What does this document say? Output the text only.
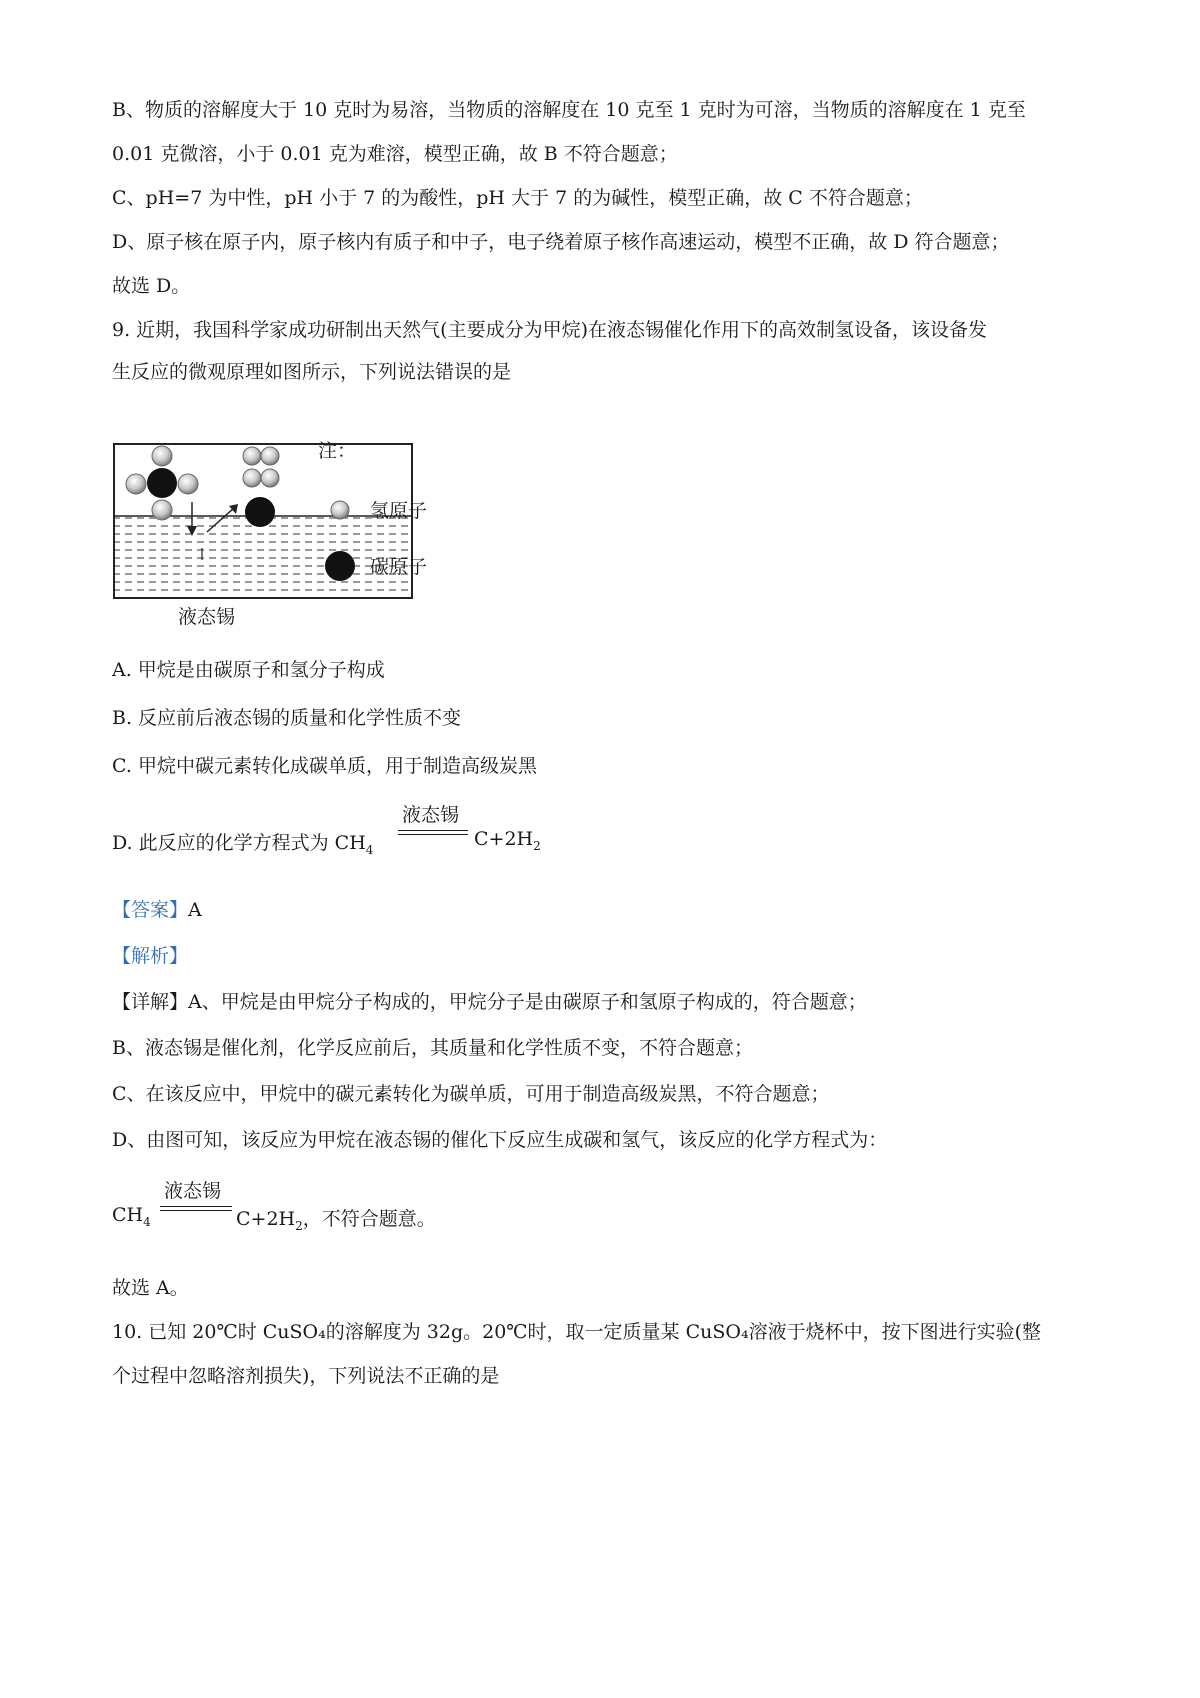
B、物质的溶解度大于 10 克时为易溶，当物质的溶解度在 10 克至 1 克时为可溶，当物质的溶解度在 1 克至
0.01 克微溶，小于 0.01 克为难溶，模型正确，故 B 不符合题意；
C、pH=7 为中性，pH 小于 7 的为酸性，pH 大于 7 的为碱性，模型正确，故 C 不符合题意；
D、原子核在原子内，原子核内有质子和中子，电子绕着原子核作高速运动，模型不正确，故 D 符合题意；
故选 D。
9. 近期，我国科学家成功研制出天然气(主要成分为甲烷)在液态锡催化作用下的高效制氢设备，该设备发
生反应的微观原理如图所示，下列说法错误的是
注：
氢原子
碳原子
液态锡
A. 甲烷是由碳原子和氢分子构成
B. 反应前后液态锡的质量和化学性质不变
C. 甲烷中碳元素转化成碳单质，用于制造高级炭黑
D. 此反应的化学方程式为 $CH_4$
液态锡
$C+2H_2$
【答案】A
【解析】
【详解】A、甲烷是由甲烷分子构成的，甲烷分子是由碳原子和氢原子构成的，符合题意；
B、液态锡是催化剂，化学反应前后，其质量和化学性质不变，不符合题意；
C、在该反应中，甲烷中的碳元素转化为碳单质，可用于制造高级炭黑，不符合题意；
D、由图可知，该反应为甲烷在液态锡的催化下反应生成碳和氢气，该反应的化学方程式为：
$CH_4$
液态锡
$C+2H_2$，不符合题意。
故选 A。
10. 已知 20℃时 CuSO₄的溶解度为 32g。20℃时，取一定质量某 CuSO₄溶液于烧杯中，按下图进行实验(整
个过程中忽略溶剂损失)，下列说法不正确的是
